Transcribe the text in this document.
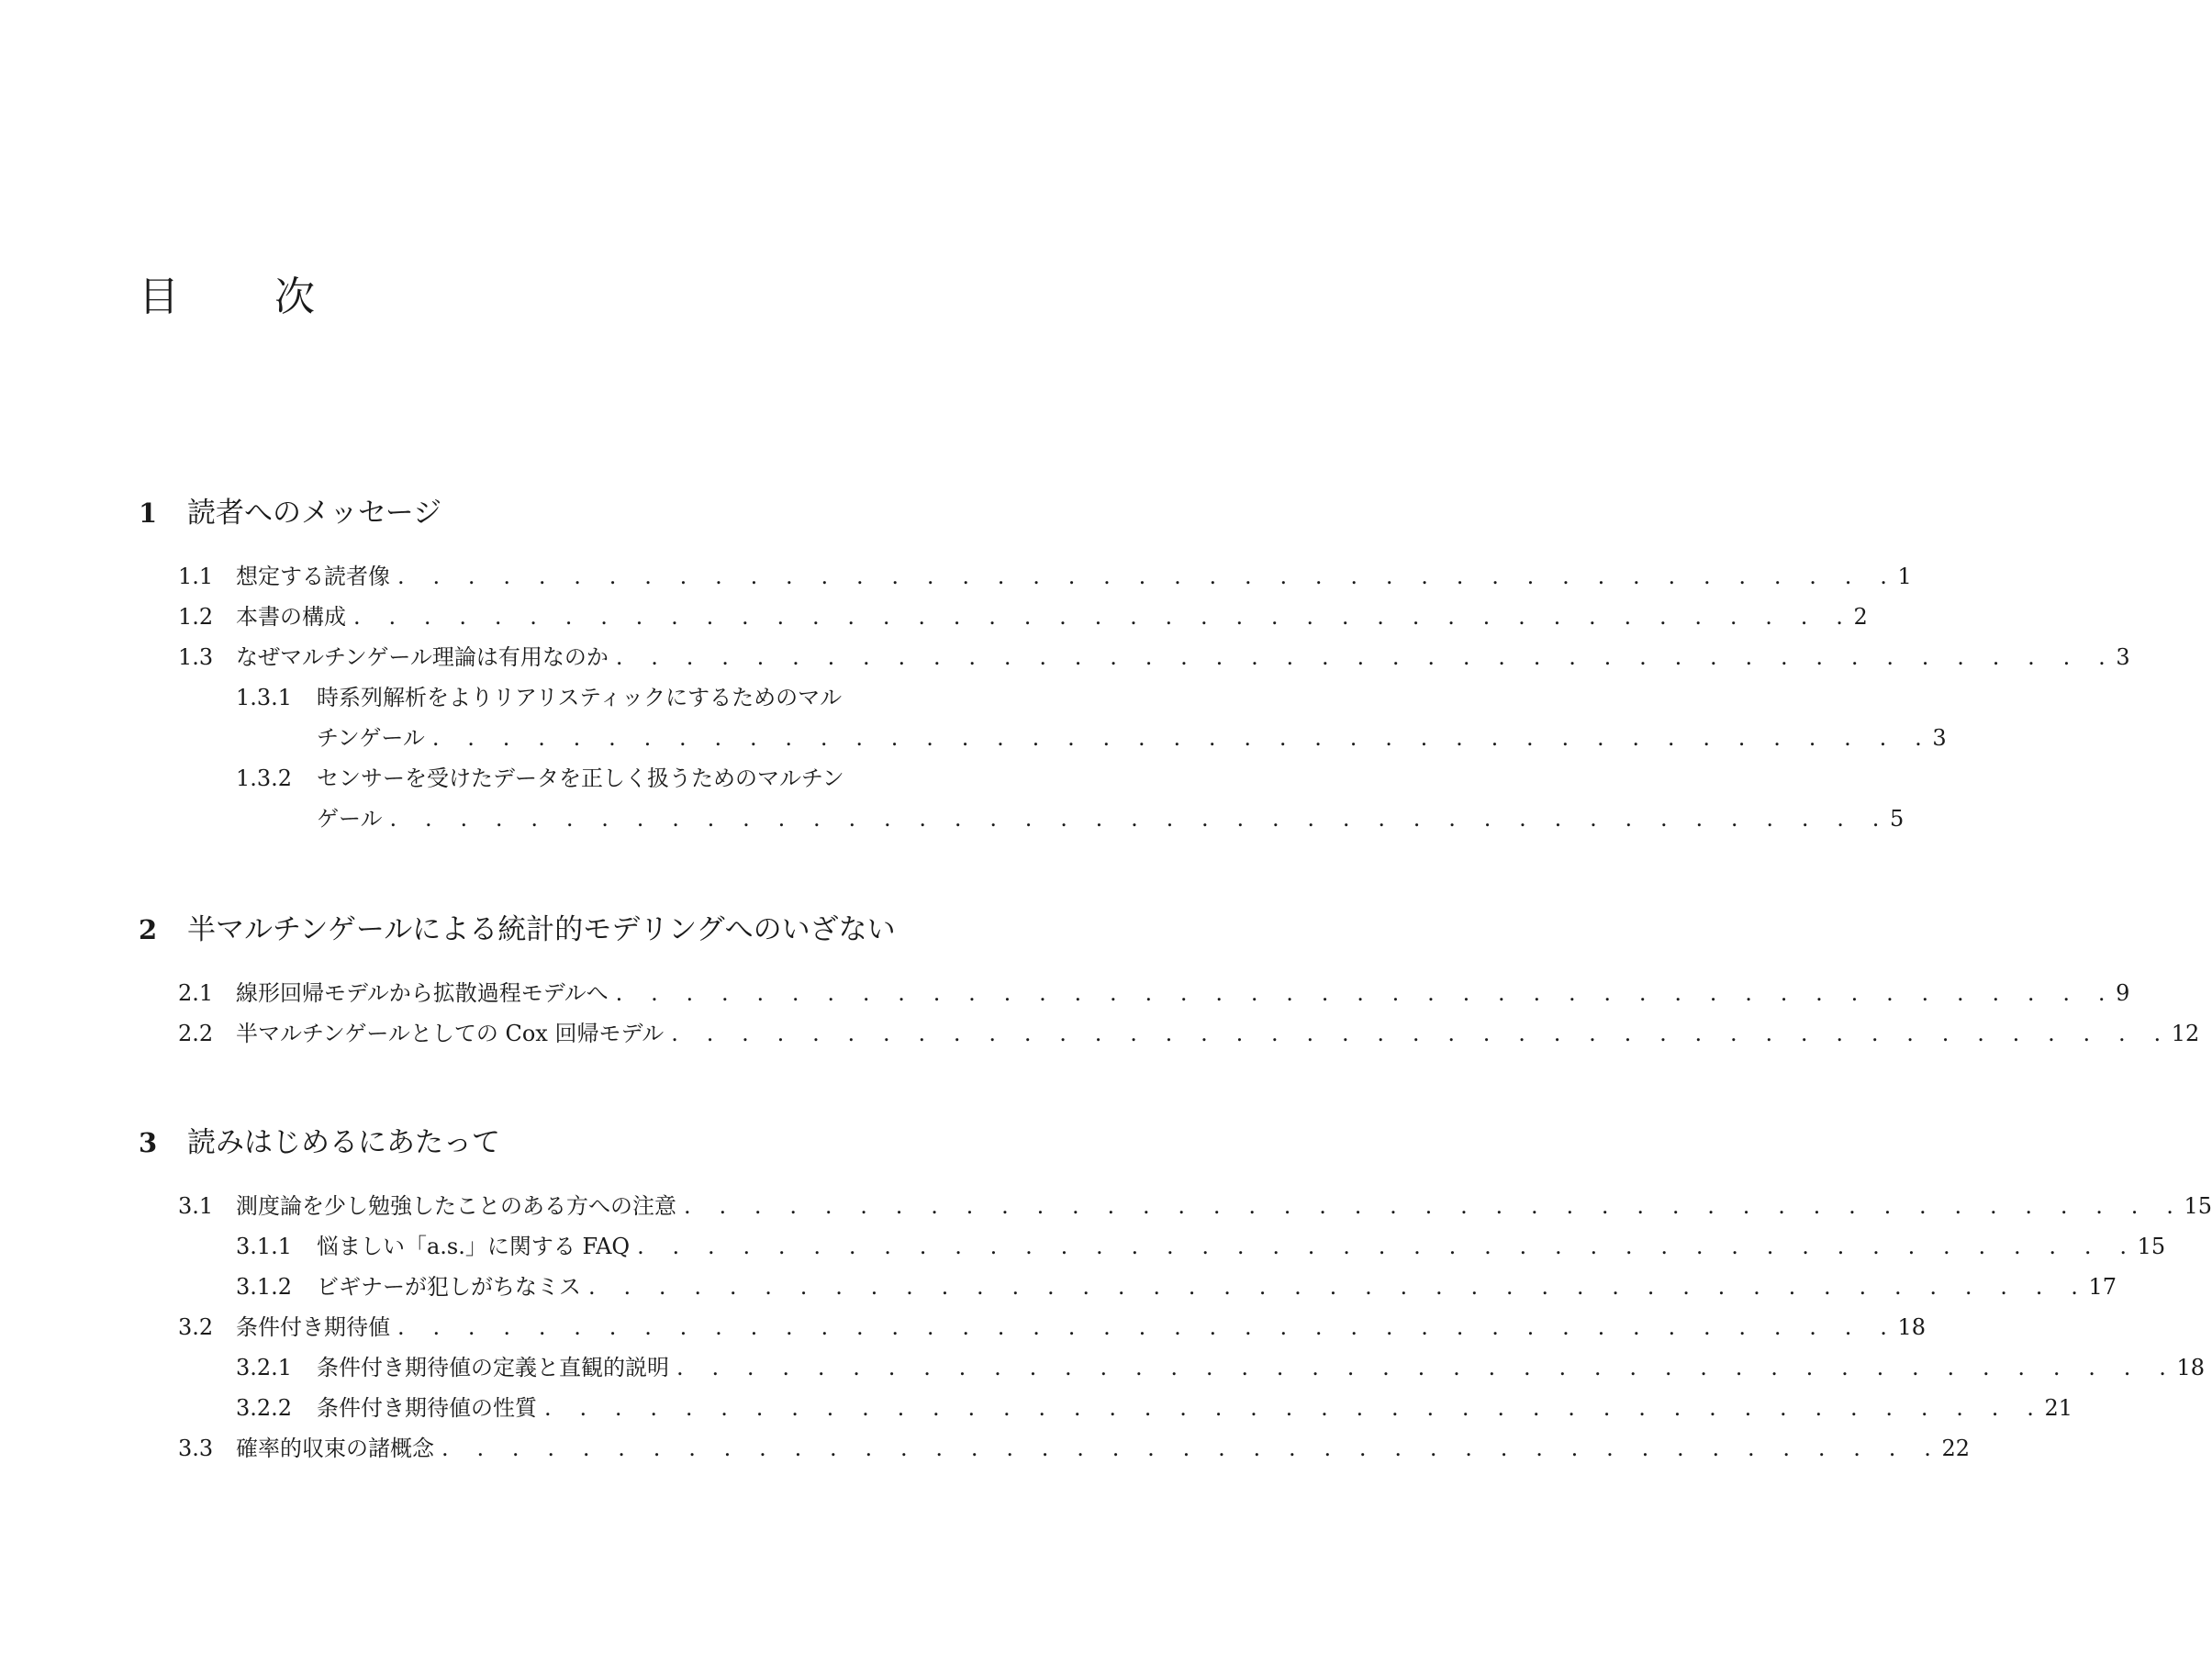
目　次
1 読者へのメッセージ
1.1 想定する読者像 . . . . . . . . . . . . . . . . . . . . . . . . . . . . . . . . . . . . . . . . . . . 1
1.2 本書の構成 . . . . . . . . . . . . . . . . . . . . . . . . . . . . . . . . . . . . . . . . . . . 2
1.3 なぜマルチンゲール理論は有用なのか . . . . . . . . . . . . . . . . . . . . . . . . . . . . . . . . . . . . . . . . . . . 3
1.3.1 時系列解析をよりリアリスティックにするためのマル
チンゲール . . . . . . . . . . . . . . . . . . . . . . . . . . . . . . . . . . . . . . . . . . . 3
1.3.2 センサーを受けたデータを正しく扱うためのマルチン
ゲール . . . . . . . . . . . . . . . . . . . . . . . . . . . . . . . . . . . . . . . . . . . 5
2 半マルチンゲールによる統計的モデリングへのいざない
2.1 線形回帰モデルから拡散過程モデルへ . . . . . . . . . . . . . . . . . . . . . . . . . . . . . . . . . . . . . . . . . . . 9
2.2 半マルチンゲールとしての Cox 回帰モデル . . . . . . . . . . . . . . . . . . . . . . . . . . . . . . . . . . . . . . . . . . . 12
3 読みはじめるにあたって
3.1 測度論を少し勉強したことのある方への注意 . . . . . . . . . . . . . . . . . . . . . . . . . . . . . . . . . . . . . . . . . . . 15
3.1.1 悩ましい「a.s.」に関する FAQ . . . . . . . . . . . . . . . . . . . . . . . . . . . . . . . . . . . . . . . . . . . 15
3.1.2 ビギナーが犯しがちなミス . . . . . . . . . . . . . . . . . . . . . . . . . . . . . . . . . . . . . . . . . . . 17
3.2 条件付き期待値 . . . . . . . . . . . . . . . . . . . . . . . . . . . . . . . . . . . . . . . . . . . 18
3.2.1 条件付き期待値の定義と直観的説明 . . . . . . . . . . . . . . . . . . . . . . . . . . . . . . . . . . . . . . . . . . . 18
3.2.2 条件付き期待値の性質 . . . . . . . . . . . . . . . . . . . . . . . . . . . . . . . . . . . . . . . . . . . 21
3.3 確率的収束の諸概念 . . . . . . . . . . . . . . . . . . . . . . . . . . . . . . . . . . . . . . . . . . . 22
